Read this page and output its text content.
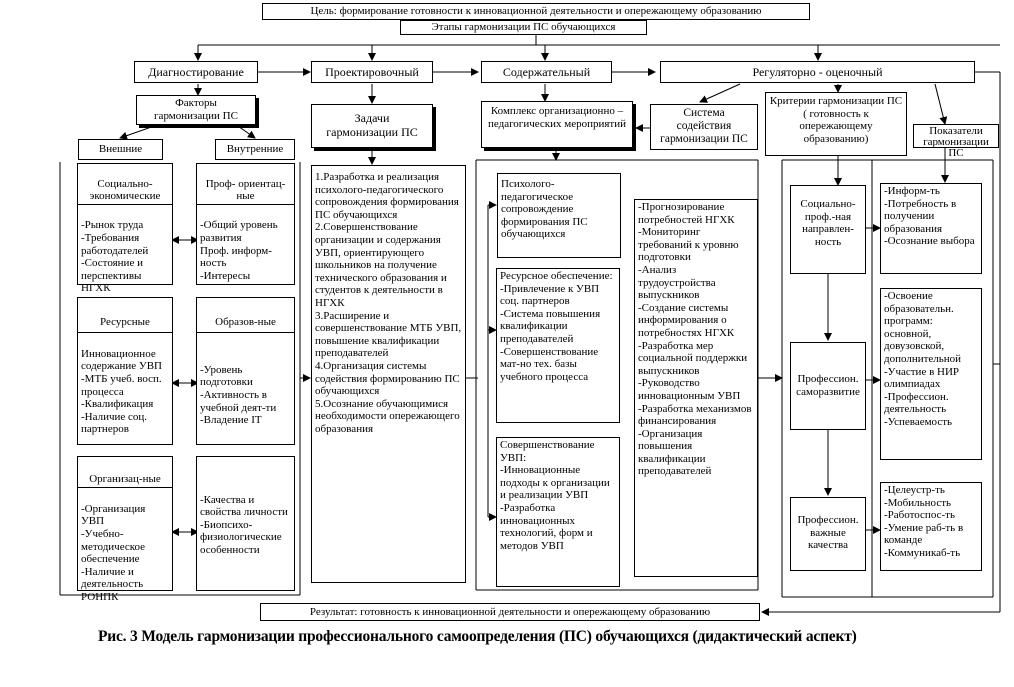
Цель: формирование готовности к инновационной деятельности и опережающему образованию
Этапы гармонизации ПС обучающихся
Диагностирование	Проектировочный	Содержательный	Регуляторно - оценочный
Факторы
гармонизации ПС
Внешние	Внутренние

Социально-
экономические

-Рынок труда
-Требования работодателей
-Состояние и перспективы НГХК

Проф- ориентац-
ные

-Общий уровень развития
Проф. информ-ность
-Интересы

Ресурсные

Инновационное содержание УВП
-МТБ учеб. восп. процесса
-Квалификация
-Наличие соц. партнеров

Образов-ные

-Уровень подготовки
-Активность в учебной деят-ти
-Владение IT

Организац-ные

-Организация УВП
-Учебно-методическое обеспечение
-Наличие и деятельность РОНПК

-Качества и свойства личности
-Биопсихо-физиологические особенности

Задачи
гармонизации ПС
1.Разработка и реализация психолого-педагогического сопровождения формирования ПС обучающихся
2.Совершенствование организации и содержания УВП, ориентирующего школьников на получение технического образования и студентов к деятельности в НГХК
3.Расширение и совершенствование МТБ УВП, повышение квалификации преподавателей
4.Организация системы содействия формированию ПС обучающихся
5.Осознание обучающимися необходимости опережающего образования
Комплекс организационно – педагогических мероприятий
Психолого-педагогическое сопровождение формирования ПС обучающихся
Ресурсное обеспечение:
-Привлечение к УВП соц. партнеров
-Система повышения квалификации преподавателей
-Совершенствование мат-но тех. базы учебного процесса
Совершенствование УВП:
-Инновационные подходы к организации и реализации УВП
-Разработка инновационных технологий, форм и методов УВП
-Прогнозирование потребностей НГХК
-Мониторинг требований к уровню подготовки
-Анализ трудоустройства выпускников
-Создание системы информирования о потребностях НГХК
-Разработка мер социальной поддержки выпускников
-Руководство инновационным УВП
-Разработка механизмов финансирования
-Организация повышения квалификации преподавателей
Система
содействия
гармонизации ПС
Критерии гармонизации ПС ( готовность к опережающему образованию)
Социально-
проф.-ная
направлен-
ность
Профессион.
саморазвитие
Профессион.
важные
качества
Показатели
гармонизации
ПС
-Информ-ть
-Потребность в получении образования
-Осознание выбора
-Освоение образовательн. программ: основной, довузовской, дополнительной
-Участие в НИР олимпиадах
-Профессион. деятельность
-Успеваемость
-Целеустр-ть
-Мобильность
-Работоспос-ть
-Умение раб-ть в команде
-Коммуникаб-ть
Результат: готовность к инновационной деятельности и опережающему образованию
Рис. 3 Модель гармонизации профессионального самоопределения (ПС) обучающихся (дидактический аспект)
